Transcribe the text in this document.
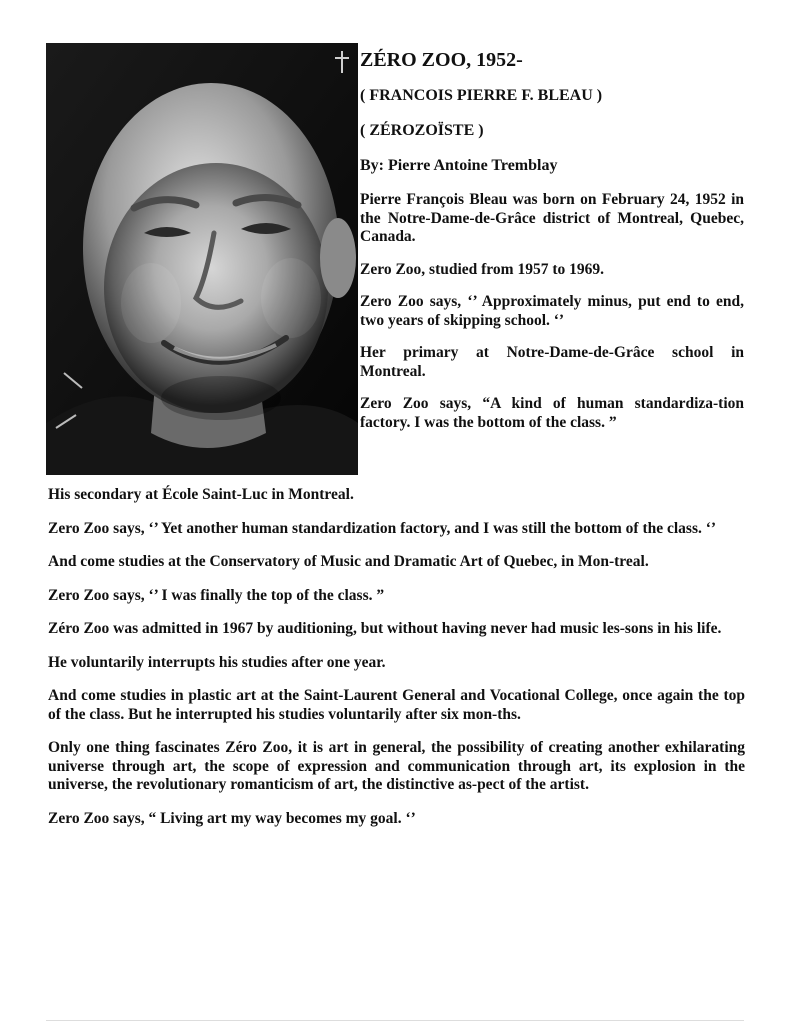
ZÉRO ZOO, 1952-
( FRANCOIS PIERRE F. BLEAU )
( ZÉROZOÏSTE )
By: Pierre Antoine Tremblay

Pierre François Bleau was born on February 24, 1952 in the Notre-Dame-de-Grâce district of Montreal, Quebec, Canada.

Zero Zoo, studied from 1957 to 1969.

Zero Zoo says, ‘’ Approximately minus, put end to end, two years of skipping school. ‘’

Her primary at Notre-Dame-de-Grâce school in Montreal.

Zero Zoo says, “A kind of human standardiza-tion factory. I was the bottom of the class. ”

His secondary at École Saint-Luc in Montreal.

Zero Zoo says, ‘’ Yet another human standardization factory, and I was still the bottom of the class. ‘’

And come studies at the Conservatory of Music and Dramatic Art of Quebec, in Mon-treal.

Zero Zoo says, ‘’ I was finally the top of the class. ”

Zéro Zoo was admitted in 1967 by auditioning, but without having never had music les-sons in his life.

He voluntarily interrupts his studies after one year.

And come studies in plastic art at the Saint-Laurent General and Vocational College, once again the top of the class. But he interrupted his studies voluntarily after six mon-ths.

Only one thing fascinates Zéro Zoo, it is art in general, the possibility of creating another exhilarating universe through art, the scope of expression and communication through art, its explosion in the universe, the revolutionary romanticism of art, the distinctive as-pect of the artist.

Zero Zoo says, “ Living art my way becomes my goal. ‘’
